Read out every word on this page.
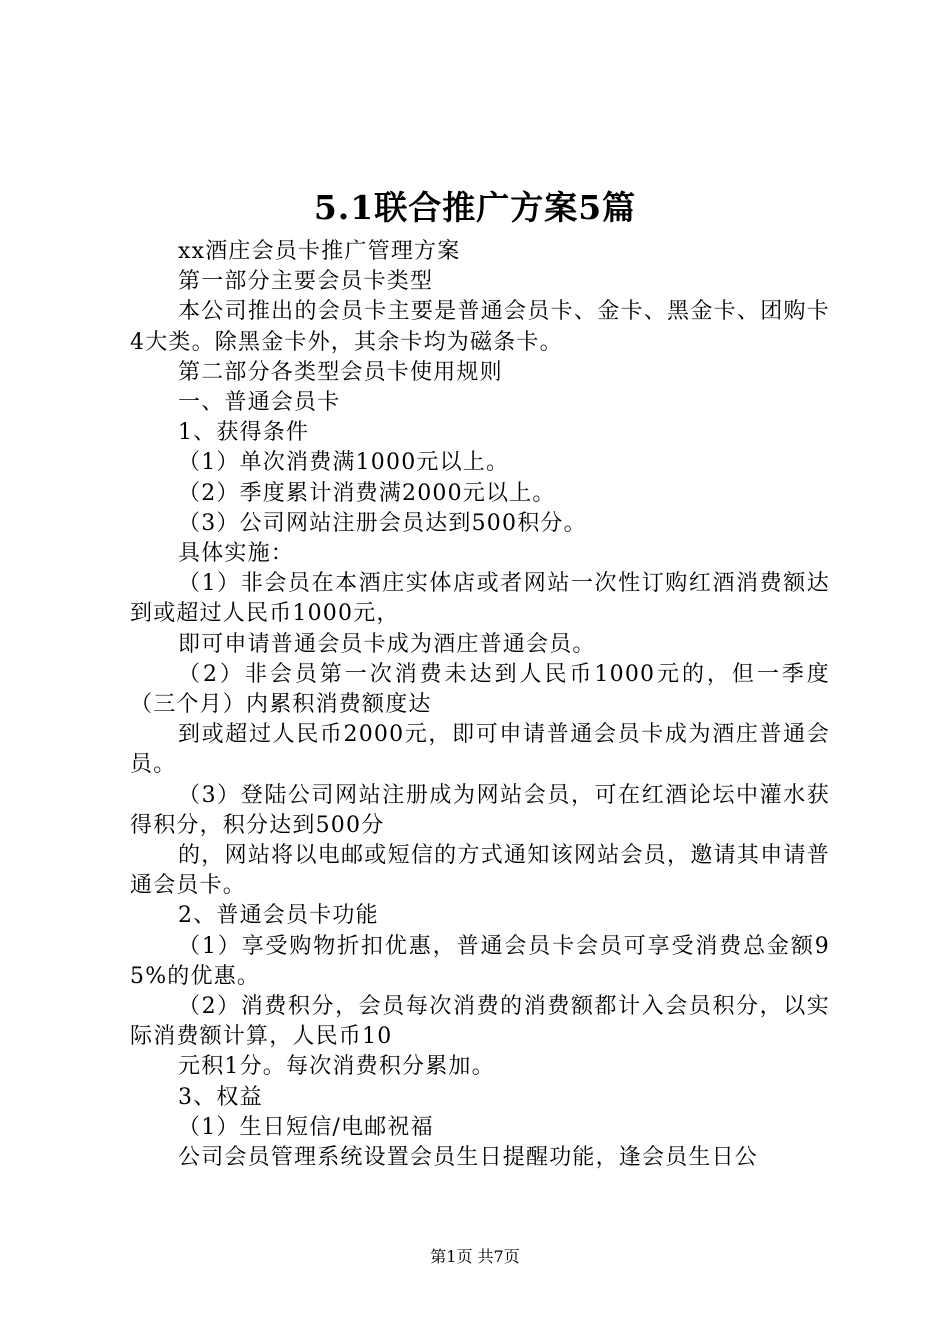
5.1联合推广方案5篇

xx酒庄会员卡推广管理方案

第一部分主要会员卡类型

本公司推出的会员卡主要是普通会员卡、金卡、黑金卡、团购卡4大类。除黑金卡外，其余卡均为磁条卡。

第二部分各类型会员卡使用规则

一、普通会员卡

1、获得条件

（1）单次消费满1000元以上。

（2）季度累计消费满2000元以上。

（3）公司网站注册会员达到500积分。

具体实施：

（1）非会员在本酒庄实体店或者网站一次性订购红酒消费额达到或超过人民币1000元，

即可申请普通会员卡成为酒庄普通会员。

（2）非会员第一次消费未达到人民币1000元的，但一季度（三个月）内累积消费额度达

到或超过人民币2000元，即可申请普通会员卡成为酒庄普通会员。

（3）登陆公司网站注册成为网站会员，可在红酒论坛中灌水获得积分，积分达到500分

的，网站将以电邮或短信的方式通知该网站会员，邀请其申请普通会员卡。

2、普通会员卡功能

（1）享受购物折扣优惠，普通会员卡会员可享受消费总金额95%的优惠。

（2）消费积分，会员每次消费的消费额都计入会员积分，以实际消费额计算，人民币10

元积1分。每次消费积分累加。

3、权益

（1）生日短信/电邮祝福

公司会员管理系统设置会员生日提醒功能，逢会员生日公

第1页 共7页
